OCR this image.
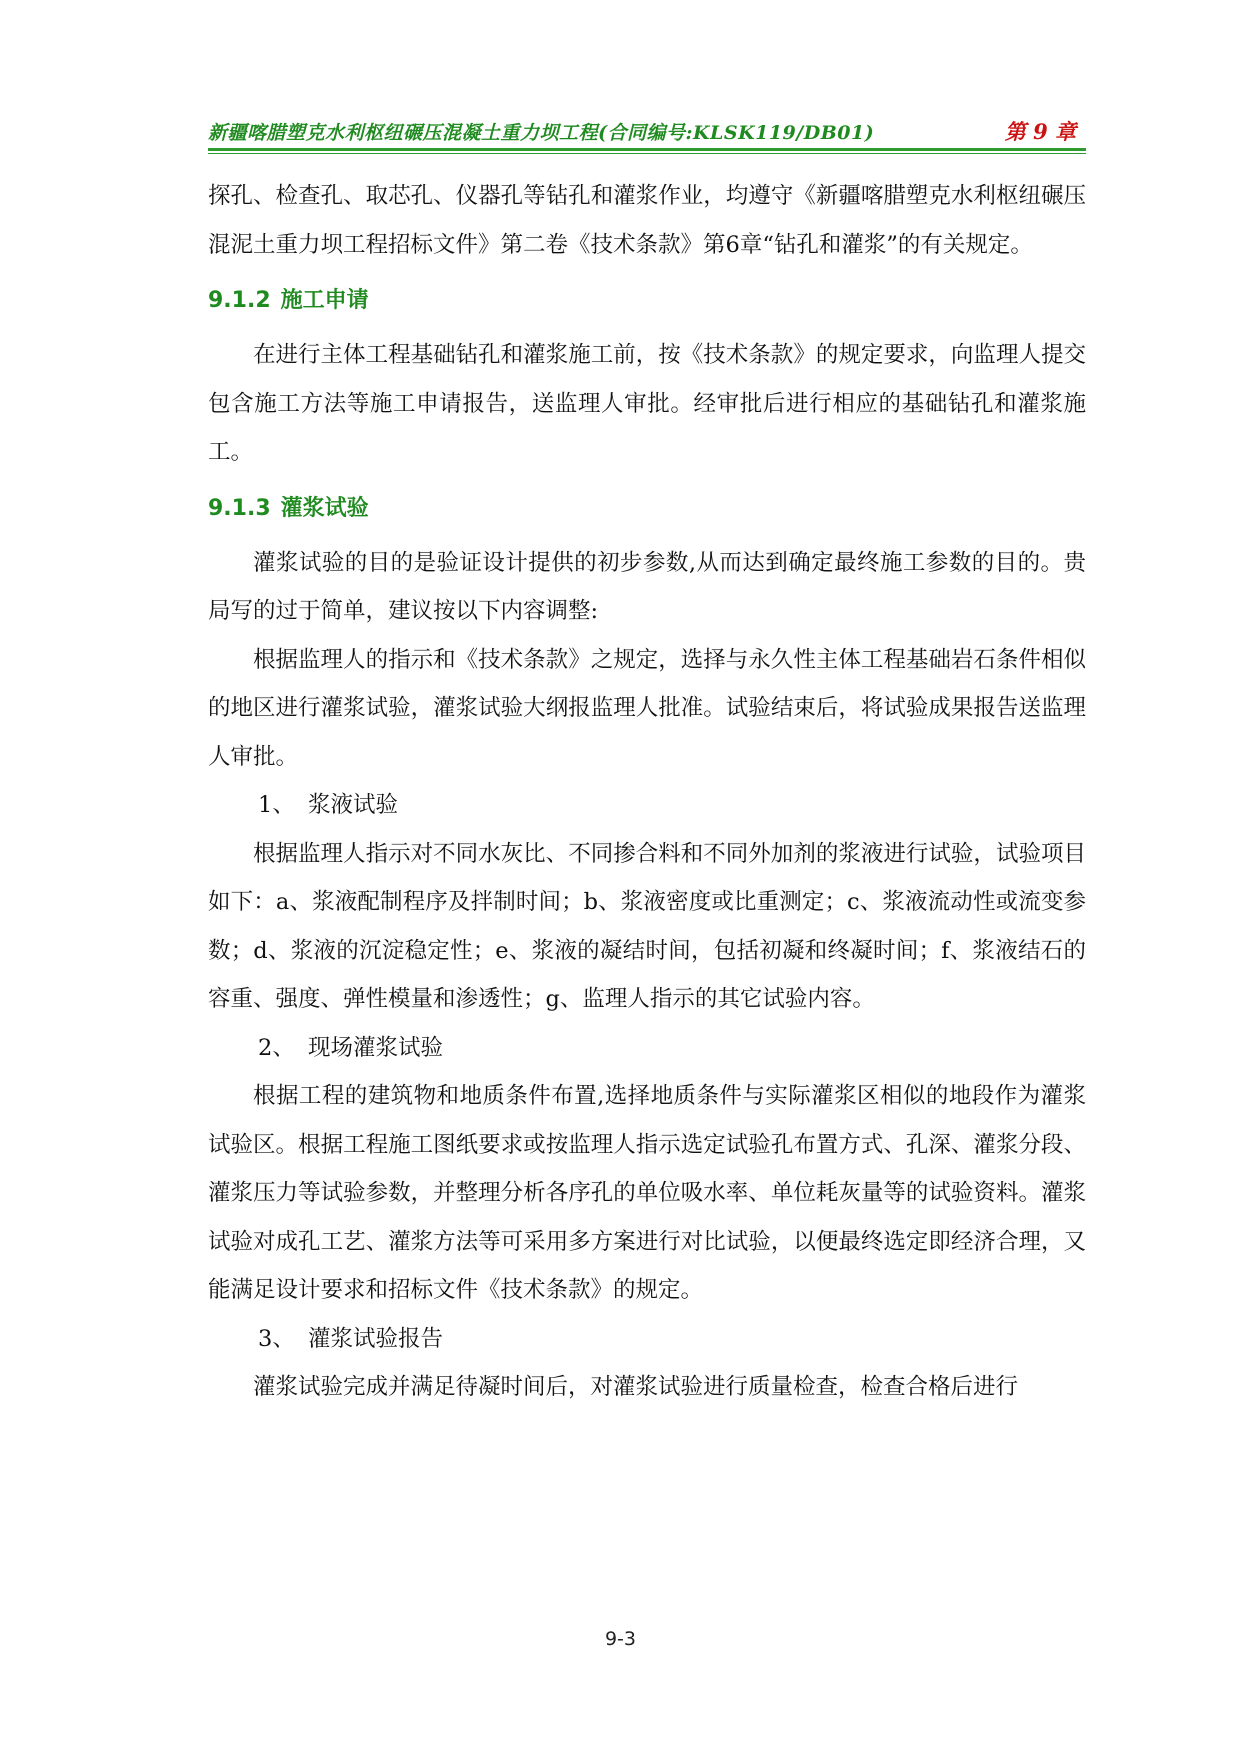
新疆喀腊塑克水利枢纽碾压混凝土重力坝工程(合同编号:KLSK119/DB01)	第 9 章

探孔、检查孔、取芯孔、仪器孔等钻孔和灌浆作业，均遵守《新疆喀腊塑克水利枢纽碾压混泥土重力坝工程招标文件》第二卷《技术条款》第6章“钻孔和灌浆”的有关规定。

9.1.2 施工申请

在进行主体工程基础钻孔和灌浆施工前，按《技术条款》的规定要求，向监理人提交包含施工方法等施工申请报告，送监理人审批。经审批后进行相应的基础钻孔和灌浆施工。

9.1.3 灌浆试验

灌浆试验的目的是验证设计提供的初步参数,从而达到确定最终施工参数的目的。贵局写的过于简单，建议按以下内容调整:

根据监理人的指示和《技术条款》之规定，选择与永久性主体工程基础岩石条件相似的地区进行灌浆试验，灌浆试验大纲报监理人批准。试验结束后，将试验成果报告送监理人审批。

1、 浆液试验

根据监理人指示对不同水灰比、不同掺合料和不同外加剂的浆液进行试验，试验项目如下：a、浆液配制程序及拌制时间；b、浆液密度或比重测定；c、浆液流动性或流变参数；d、浆液的沉淀稳定性；e、浆液的凝结时间，包括初凝和终凝时间；f、浆液结石的容重、强度、弹性模量和渗透性；g、监理人指示的其它试验内容。

2、 现场灌浆试验

根据工程的建筑物和地质条件布置,选择地质条件与实际灌浆区相似的地段作为灌浆试验区。根据工程施工图纸要求或按监理人指示选定试验孔布置方式、孔深、灌浆分段、灌浆压力等试验参数，并整理分析各序孔的单位吸水率、单位耗灰量等的试验资料。灌浆试验对成孔工艺、灌浆方法等可采用多方案进行对比试验，以便最终选定即经济合理，又能满足设计要求和招标文件《技术条款》的规定。

3、 灌浆试验报告

灌浆试验完成并满足待凝时间后，对灌浆试验进行质量检查，检查合格后进行

9-3
